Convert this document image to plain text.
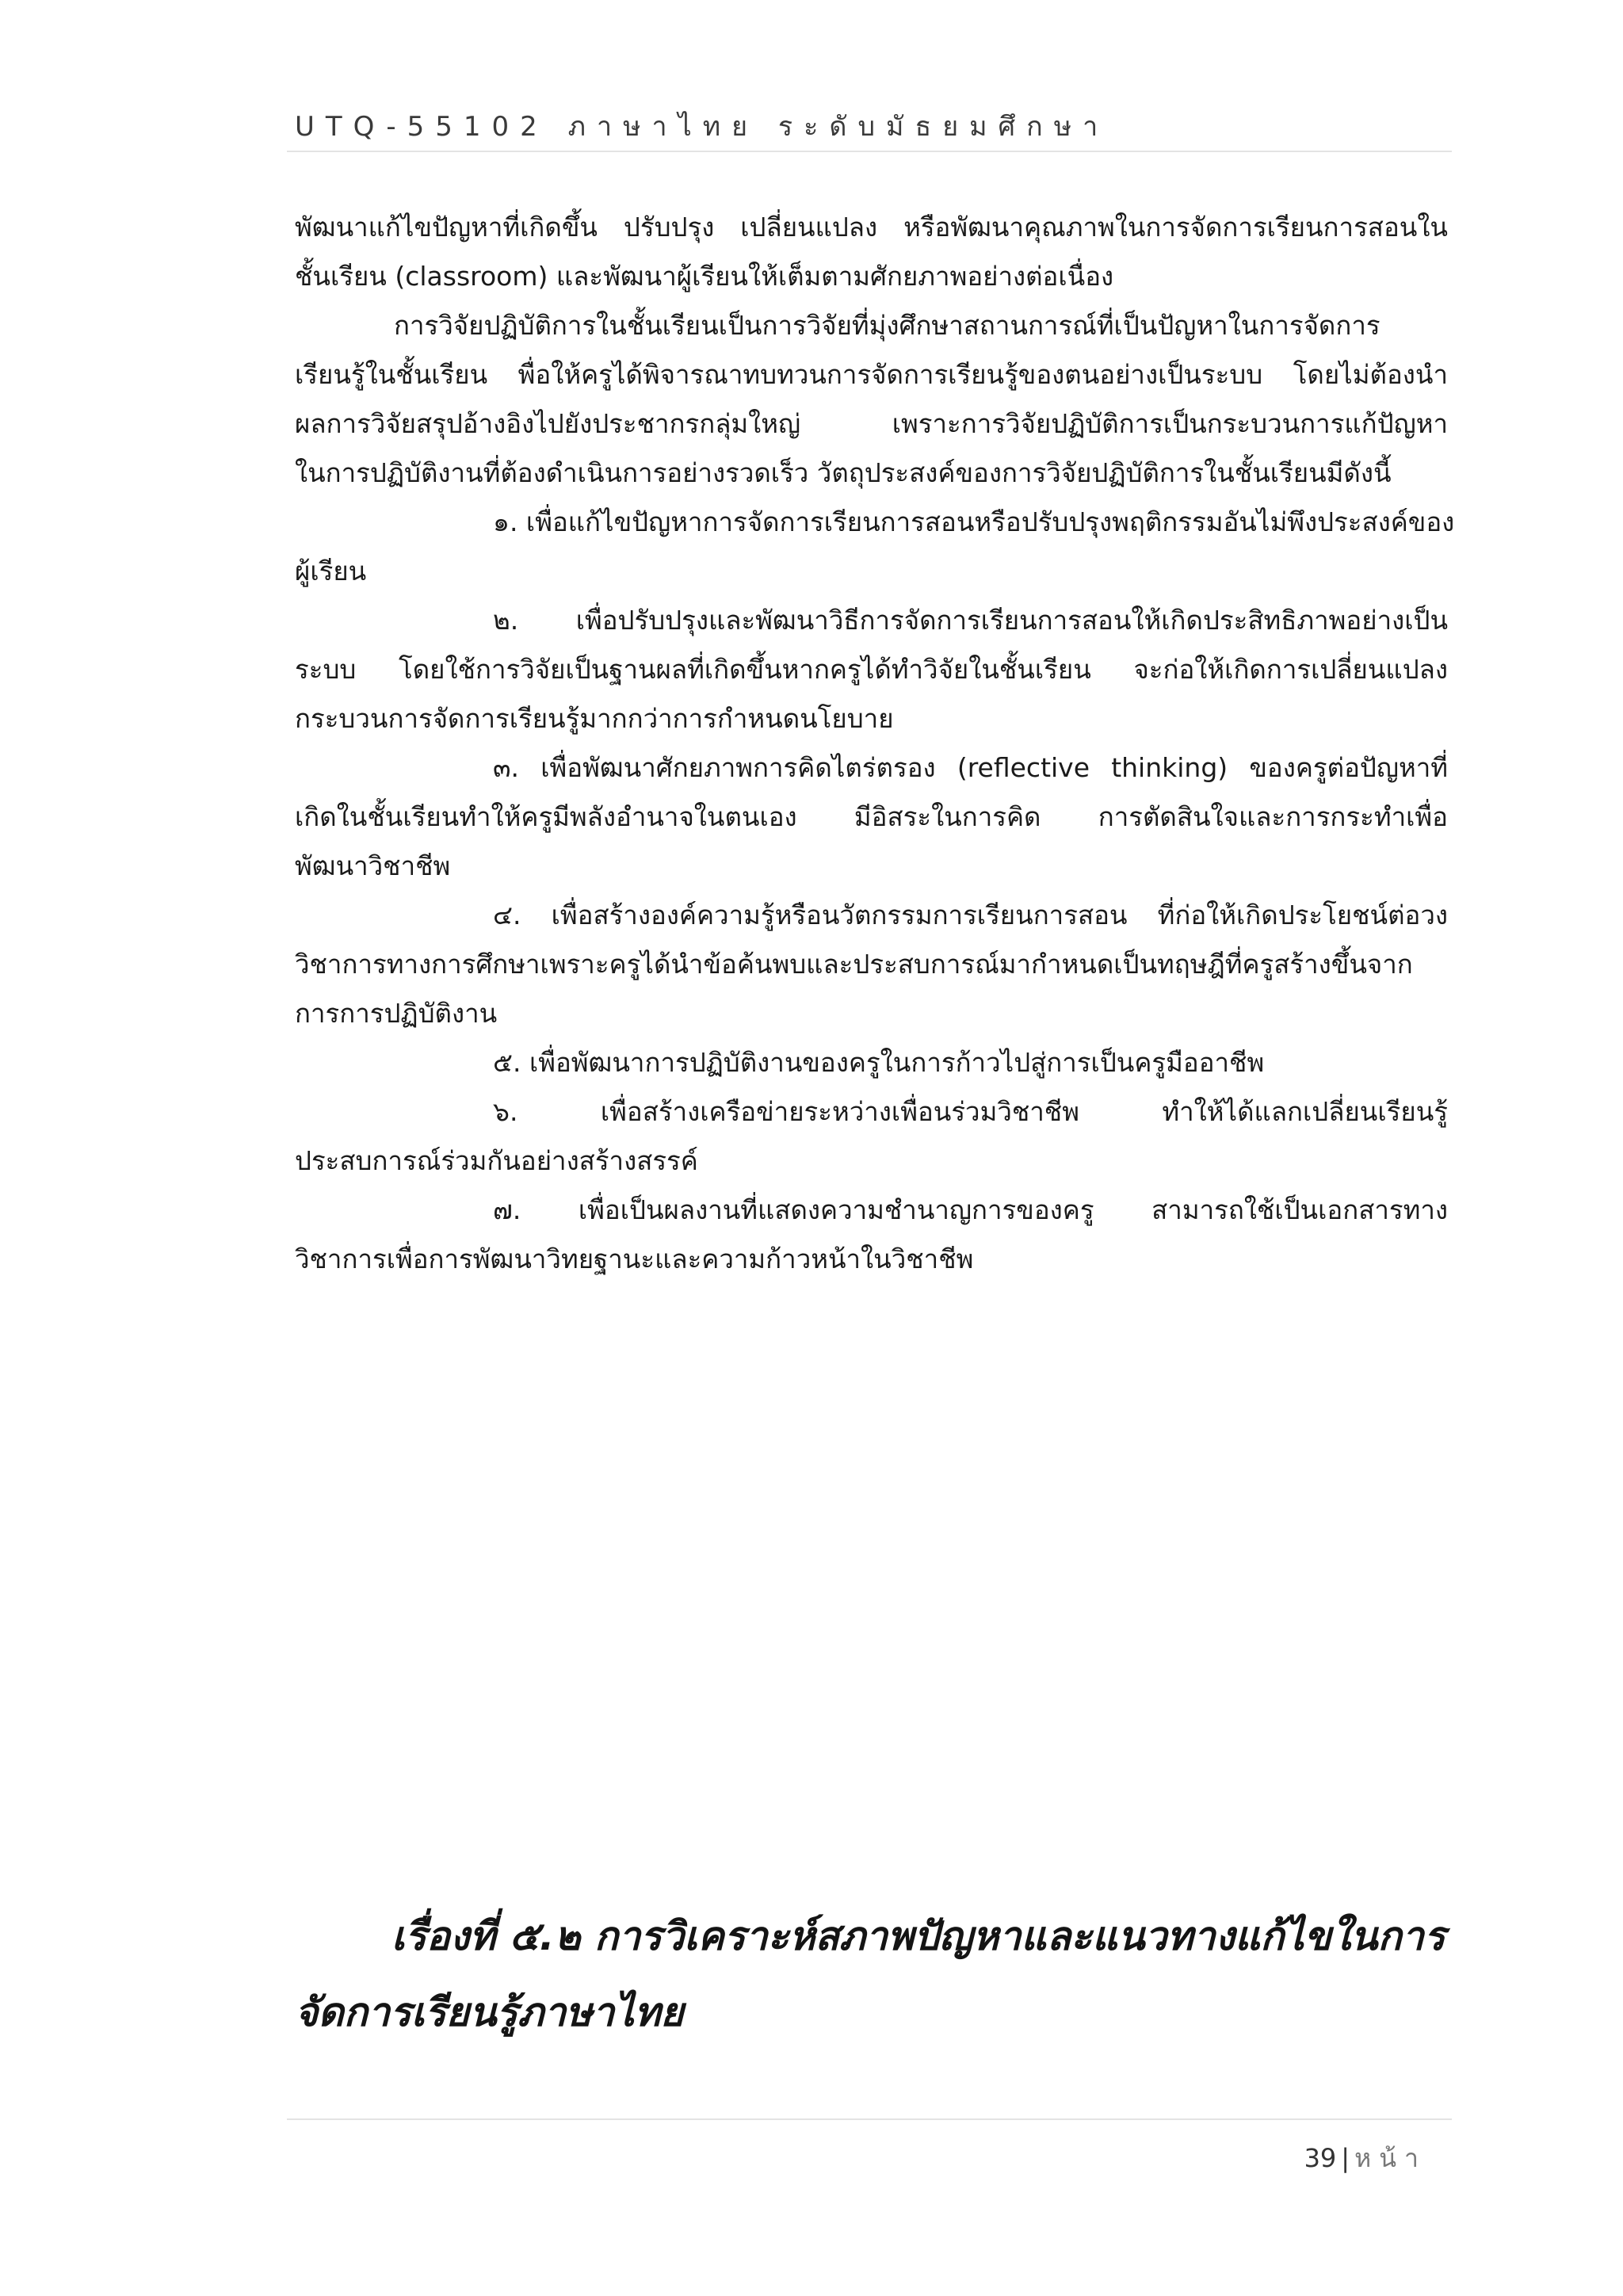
UTQ-55102 ภาษาไทย ระดับมัธยมศึกษา
พัฒนาแก้ไขปัญหาที่เกิดขึ้น ปรับปรุง เปลี่ยนแปลง หรือพัฒนาคุณภาพในการจัดการเรียนการสอนใน
ชั้นเรียน (classroom) และพัฒนาผู้เรียนให้เต็มตามศักยภาพอย่างต่อเนื่อง
การวิจัยปฏิบัติการในชั้นเรียนเป็นการวิจัยที่มุ่งศึกษาสถานการณ์ที่เป็นปัญหาในการจัดการ
เรียนรู้ในชั้นเรียน พื่อให้ครูได้พิจารณาทบทวนการจัดการเรียนรู้ของตนอย่างเป็นระบบ โดยไม่ต้องนำ
ผลการวิจัยสรุปอ้างอิงไปยังประชากรกลุ่มใหญ่ เพราะการวิจัยปฏิบัติการเป็นกระบวนการแก้ปัญหา
ในการปฏิบัติงานที่ต้องดำเนินการอย่างรวดเร็ว วัตถุประสงค์ของการวิจัยปฏิบัติการในชั้นเรียนมีดังนี้
๑. เพื่อแก้ไขปัญหาการจัดการเรียนการสอนหรือปรับปรุงพฤติกรรมอันไม่พึงประสงค์ของ
ผู้เรียน
๒. เพื่อปรับปรุงและพัฒนาวิธีการจัดการเรียนการสอนให้เกิดประสิทธิภาพอย่างเป็น
ระบบ โดยใช้การวิจัยเป็นฐานผลที่เกิดขึ้นหากครูได้ทำวิจัยในชั้นเรียน จะก่อให้เกิดการเปลี่ยนแปลง
กระบวนการจัดการเรียนรู้มากกว่าการกำหนดนโยบาย
๓. เพื่อพัฒนาศักยภาพการคิดไตร่ตรอง (reflective thinking) ของครูต่อปัญหาที่
เกิดในชั้นเรียนทำให้ครูมีพลังอำนาจในตนเอง มีอิสระในการคิด การตัดสินใจและการกระทำเพื่อ
พัฒนาวิชาชีพ
๔. เพื่อสร้างองค์ความรู้หรือนวัตกรรมการเรียนการสอน ที่ก่อให้เกิดประโยชน์ต่อวง
วิชาการทางการศึกษาเพราะครูได้นำข้อค้นพบและประสบการณ์มากำหนดเป็นทฤษฎีที่ครูสร้างขึ้นจาก
การการปฏิบัติงาน
๕. เพื่อพัฒนาการปฏิบัติงานของครูในการก้าวไปสู่การเป็นครูมืออาชีพ
๖. เพื่อสร้างเครือข่ายระหว่างเพื่อนร่วมวิชาชีพ ทำให้ได้แลกเปลี่ยนเรียนรู้
ประสบการณ์ร่วมกันอย่างสร้างสรรค์
๗. เพื่อเป็นผลงานที่แสดงความชำนาญการของครู สามารถใช้เป็นเอกสารทาง
วิชาการเพื่อการพัฒนาวิทยฐานะและความก้าวหน้าในวิชาชีพ
เรื่องที่ ๕.๒ การวิเคราะห์สภาพปัญหาและแนวทางแก้ไขในการ
จัดการเรียนรู้ภาษาไทย
39 | หน้า
